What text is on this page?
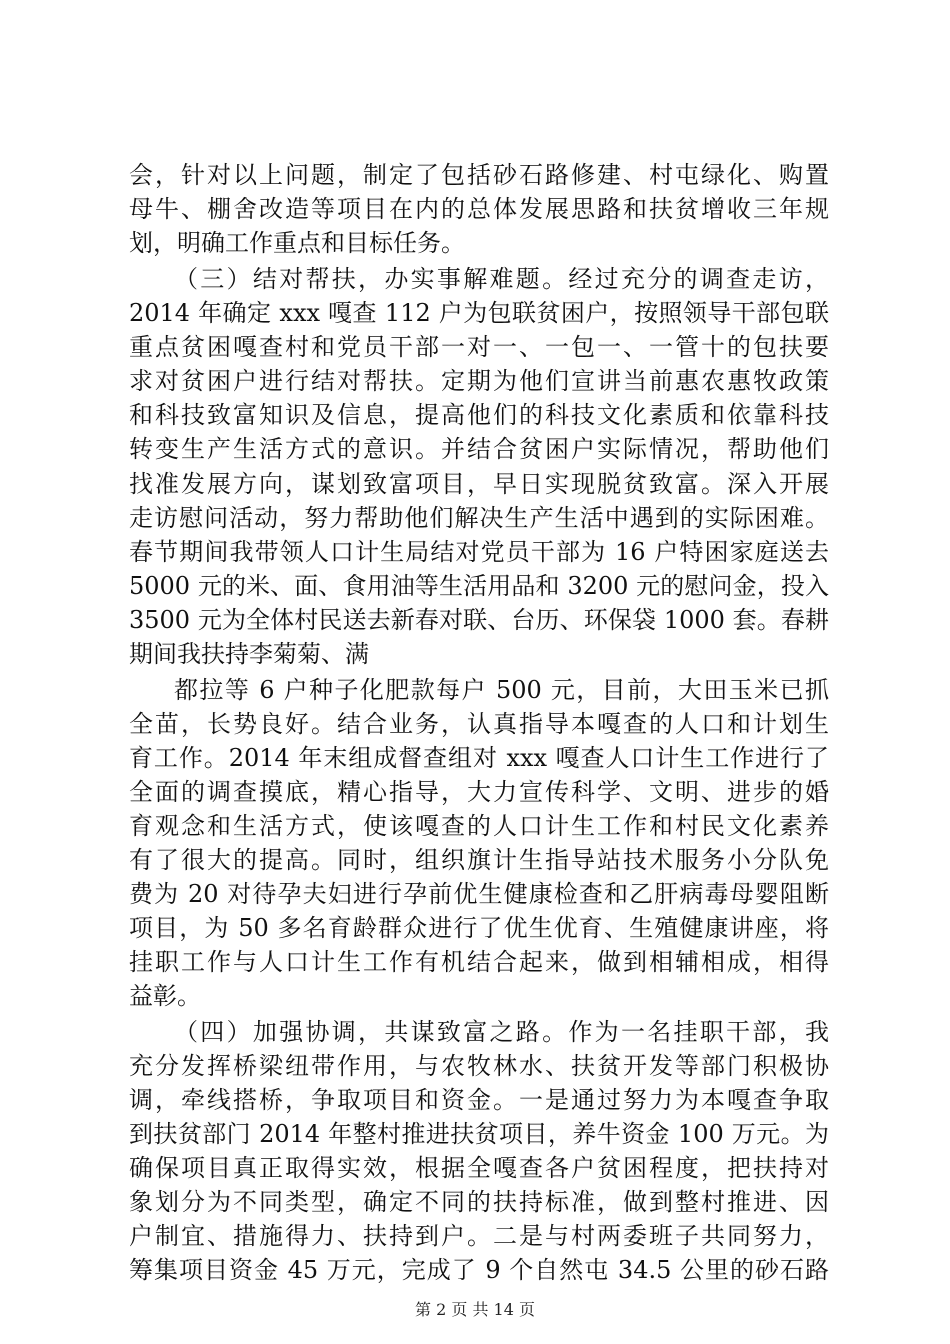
会，针对以上问题，制定了包括砂石路修建、村屯绿化、购置
母牛、棚舍改造等项目在内的总体发展思路和扶贫增收三年规
划，明确工作重点和目标任务。
（三）结对帮扶，办实事解难题。经过充分的调查走访，
2014 年确定 xxx 嘎查 112 户为包联贫困户，按照领导干部包联
重点贫困嘎查村和党员干部一对一、一包一、一管十的包扶要
求对贫困户进行结对帮扶。定期为他们宣讲当前惠农惠牧政策
和科技致富知识及信息，提高他们的科技文化素质和依靠科技
转变生产生活方式的意识。并结合贫困户实际情况，帮助他们
找准发展方向，谋划致富项目，早日实现脱贫致富。深入开展
走访慰问活动，努力帮助他们解决生产生活中遇到的实际困难。
春节期间我带领人口计生局结对党员干部为 16 户特困家庭送去
5000 元的米、面、食用油等生活用品和 3200 元的慰问金，投入
3500 元为全体村民送去新春对联、台历、环保袋 1000 套。春耕
期间我扶持李菊菊、满
都拉等 6 户种子化肥款每户 500 元，目前，大田玉米已抓
全苗，长势良好。结合业务，认真指导本嘎查的人口和计划生
育工作。2014 年末组成督查组对 xxx 嘎查人口计生工作进行了
全面的调查摸底，精心指导，大力宣传科学、文明、进步的婚
育观念和生活方式，使该嘎查的人口计生工作和村民文化素养
有了很大的提高。同时，组织旗计生指导站技术服务小分队免
费为 20 对待孕夫妇进行孕前优生健康检查和乙肝病毒母婴阻断
项目，为 50 多名育龄群众进行了优生优育、生殖健康讲座，将
挂职工作与人口计生工作有机结合起来，做到相辅相成，相得
益彰。
（四）加强协调，共谋致富之路。作为一名挂职干部，我
充分发挥桥梁纽带作用，与农牧林水、扶贫开发等部门积极协
调，牵线搭桥，争取项目和资金。一是通过努力为本嘎查争取
到扶贫部门 2014 年整村推进扶贫项目，养牛资金 100 万元。为
确保项目真正取得实效，根据全嘎查各户贫困程度，把扶持对
象划分为不同类型，确定不同的扶持标准，做到整村推进、因
户制宜、措施得力、扶持到户。二是与村两委班子共同努力，
筹集项目资金 45 万元，完成了 9 个自然屯 34.5 公里的砂石路
第 2 页 共 14 页
